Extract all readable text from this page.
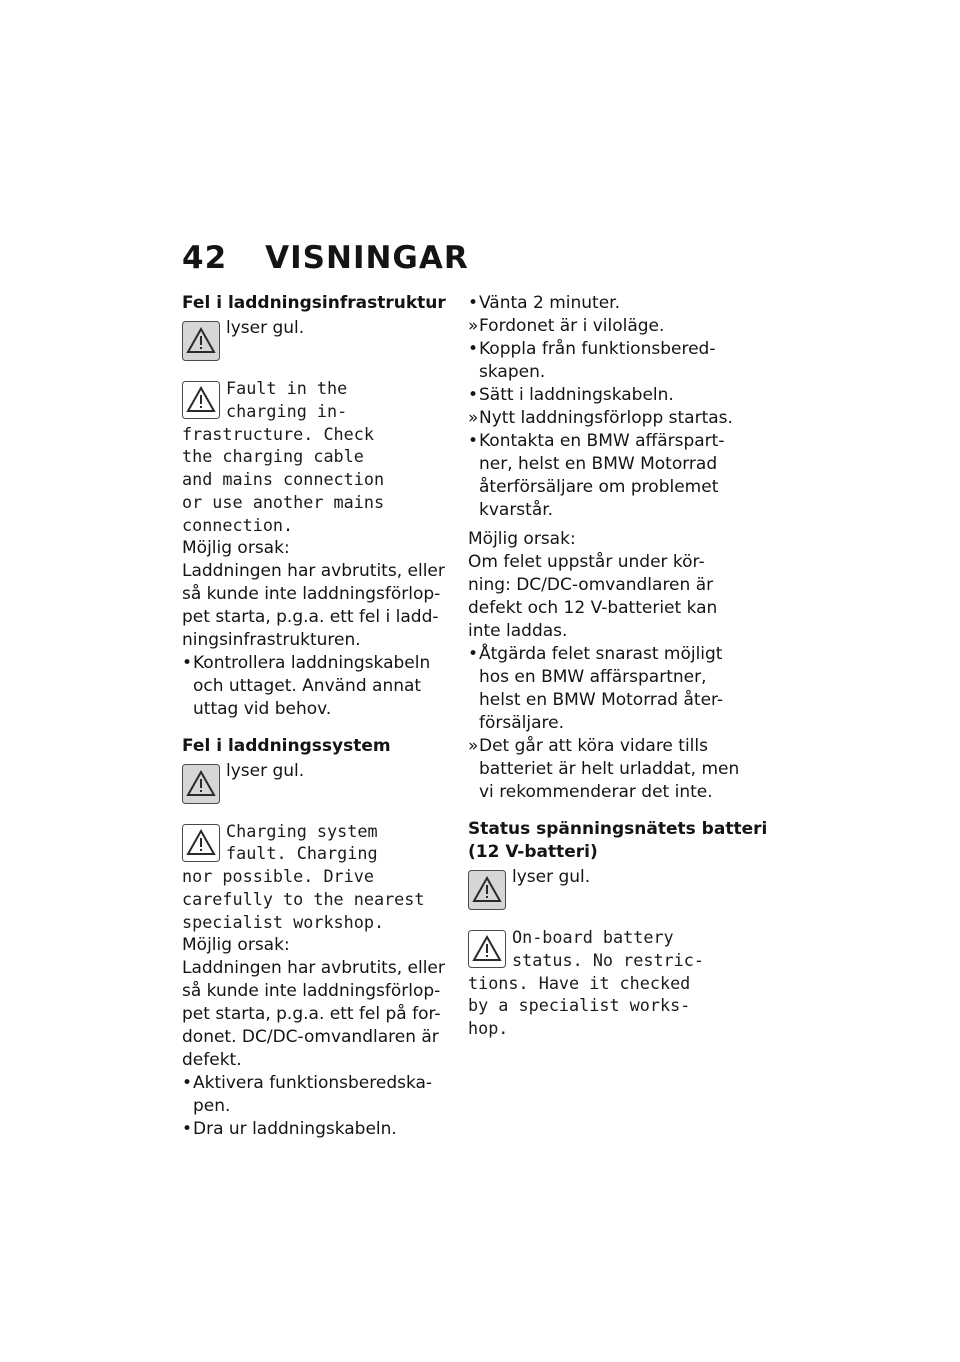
42 VISNINGAR
Fel i laddningsinfrastruktur
lyser gul.

Fault in the
charging in-
frastructure. Check
the charging cable
and mains connection
or use another mains
connection.

Möjlig orsak:
Laddningen har avbrutits, eller
så kunde inte laddningsförlop-
pet starta, p.g.a. ett fel i ladd-
ningsinfrastrukturen.

• Kontrollera laddningskabeln
och uttaget. Använd annat
uttag vid behov.
Fel i laddningssystem
lyser gul.

Charging system
fault. Charging
nor possible. Drive
carefully to the nearest
specialist workshop.

Möjlig orsak:
Laddningen har avbrutits, eller
så kunde inte laddningsförlop-
pet starta, p.g.a. ett fel på for-
donet. DC/DC-omvandlaren är
defekt.

• Aktivera funktionsberedska-
pen.
• Dra ur laddningskabeln.
• Vänta 2 minuter.
» Fordonet är i viloläge.
• Koppla från funktionsbered-
skapen.
• Sätt i laddningskabeln.
» Nytt laddningsförlopp startas.
• Kontakta en BMW affärspart-
ner, helst en BMW Motorrad
återförsäljare om problemet
kvarstår.

Möjlig orsak:
Om felet uppstår under kör-
ning: DC/DC-omvandlaren är
defekt och 12 V-batteriet kan
inte laddas.

• Åtgärda felet snarast möjligt
hos en BMW affärspartner,
helst en BMW Motorrad åter-
försäljare.
» Det går att köra vidare tills
batteriet är helt urladdat, men
vi rekommenderar det inte.
Status spänningsnätets batteri
(12 V-batteri)
lyser gul.

On-board battery
status. No restric-
tions. Have it checked
by a specialist works-
hop.
